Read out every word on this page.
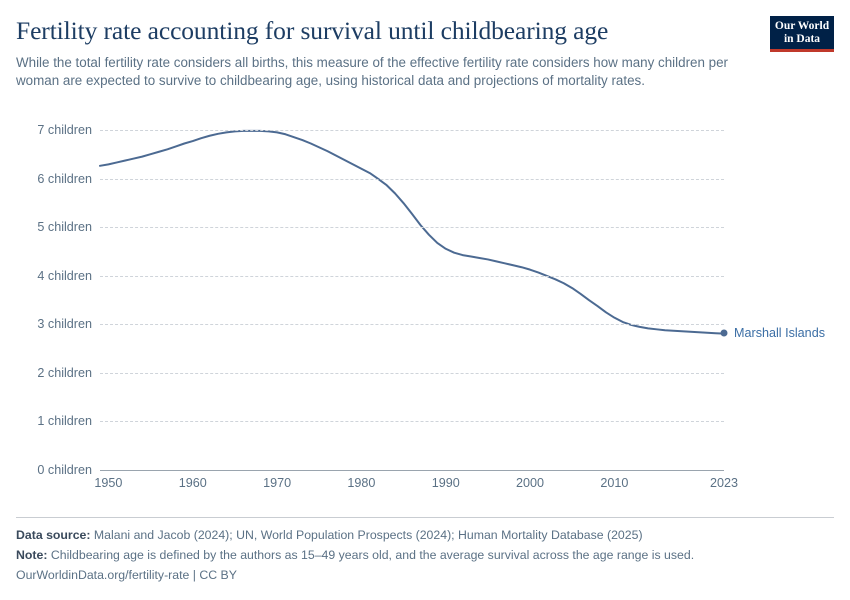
Fertility rate accounting for survival until childbearing age

While the total fertility rate considers all births, this measure of the effective fertility rate considers how many children per woman are expected to survive to childbearing age, using historical data and projections of mortality rates.

Our World
in Data
1950	1960	1970	1980	1990	2000	2010	2023
0 children
1 children
2 children
3 children
4 children
5 children
6 children
7 children
Marshall Islands

Data source: Malani and Jacob (2024); UN, World Population Prospects (2024); Human Mortality Database (2025)

Note: Childbearing age is defined by the authors as 15–49 years old, and the average survival across the age range is used.

OurWorldinData.org/fertility-rate | CC BY
